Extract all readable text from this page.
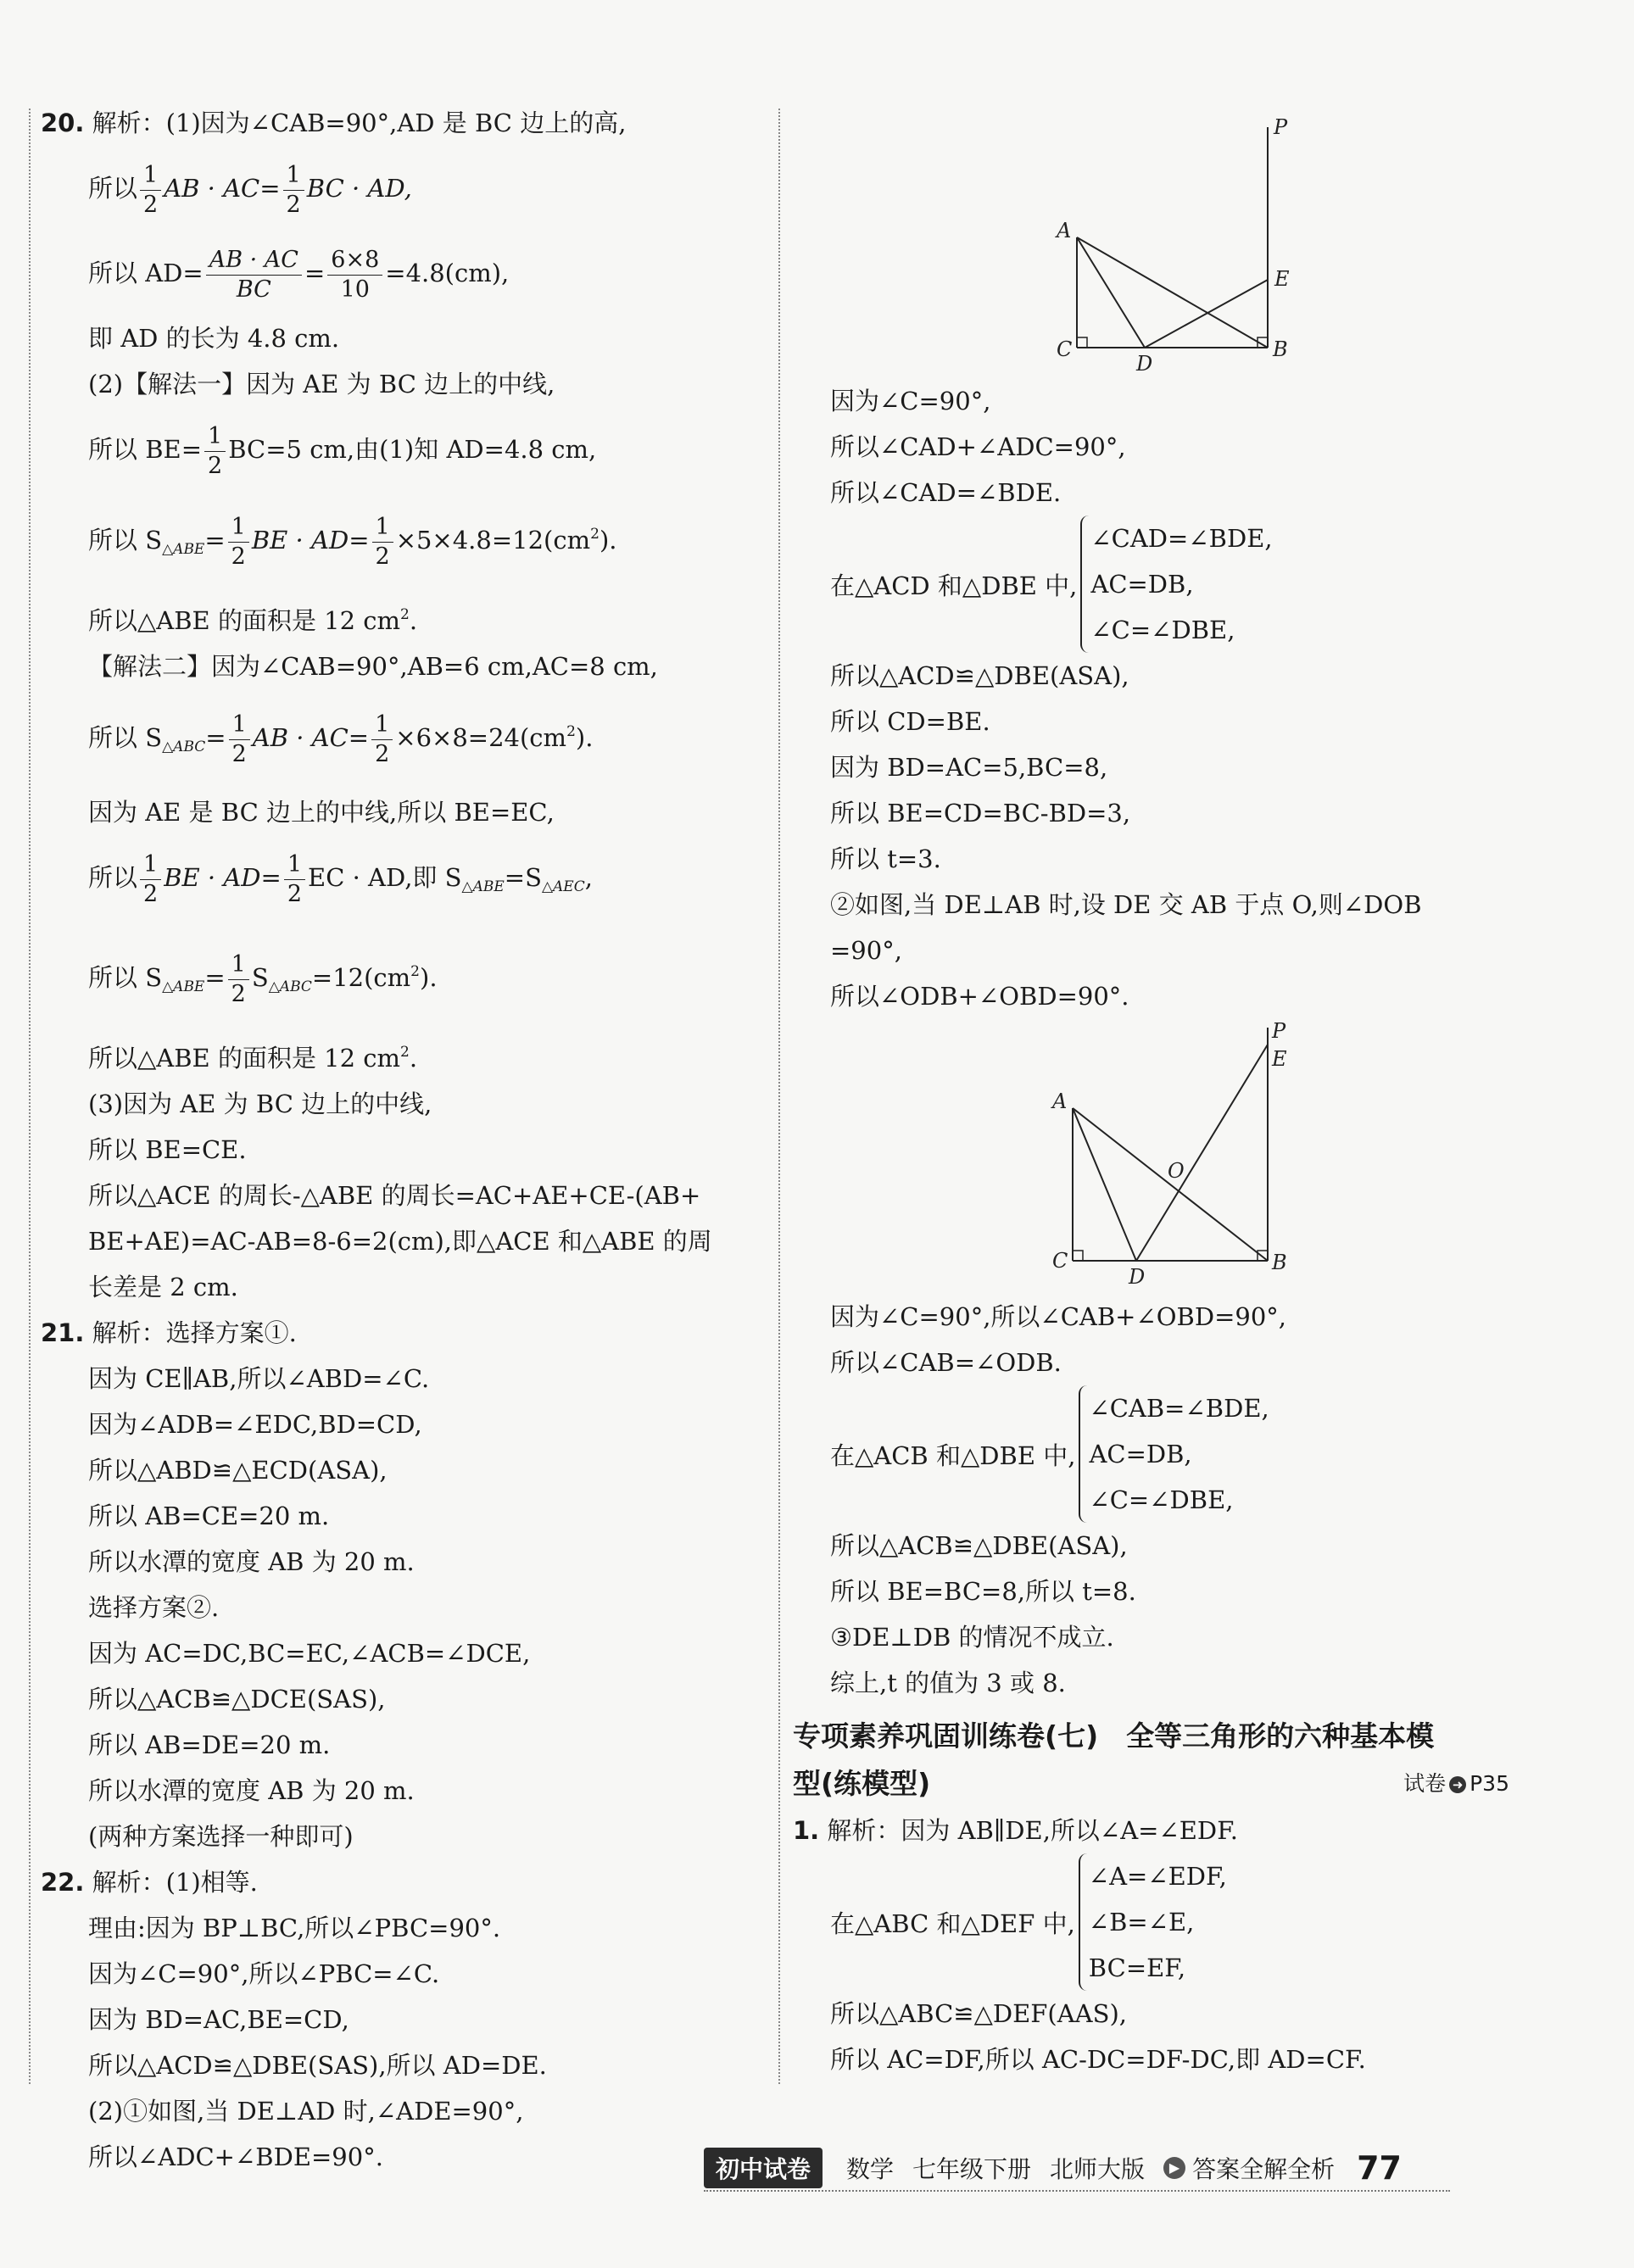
20. 解析：(1)因为∠CAB=90°,AD 是 BC 边上的高,
所以 $\frac{1}{2}$ AB · $AC= \frac{1}{2}$ BC · AD,
所以 $AD= \frac{AB \cdot AC}{BC} = \frac{6\times 8}{10} =4.8(cm)$,
即 AD 的长为 4.8 cm.
(2)【解法一】因为 AE 为 BC 边上的中线,
所以 $BE= \frac{1}{2} BC=5$ cm,由(1)知 AD=4.8 cm,
所以 $S_{\triangle ABE}= \frac{1}{2}$ BE · $AD= \frac{1}{2} \times 5\times 4.8=12(cm^2)$.
所以△ABE 的面积是 12 $cm^2$.
【解法二】因为∠CAB=90°,AB=6 cm,AC=8 cm,
所以 $S_{\triangle ABC}= \frac{1}{2}$ AB · $AC= \frac{1}{2} \times 6\times 8=24(cm^2)$.
因为 AE 是 BC 边上的中线,所以 BE=EC,
所以 $\frac{1}{2}$ BE · $AD= \frac{1}{2}$ EC · AD,即 $S_{\triangle ABE}=S_{\triangle AEC}$,
所以 $S_{\triangle ABE}= \frac{1}{2} S_{\triangle ABC}=12(cm^2)$.
所以△ABE 的面积是 12 $cm^2$.
(3)因为 AE 为 BC 边上的中线,
所以 BE=CE.
所以△ACE 的周长-△ABE 的周长=AC+AE+CE-(AB+
BE+AE)=AC-AB=8-6=2(cm),即△ACE 和△ABE 的周
长差是 2 cm.
21. 解析：选择方案①.
因为 CE∥AB,所以∠ABD=∠C.
因为∠ADB=∠EDC,BD=CD,
所以△ABD≌△ECD(ASA),
所以 AB=CE=20 m.
所以水潭的宽度 AB 为 20 m.
选择方案②.
因为 AC=DC,BC=EC,∠ACB=∠DCE,
所以△ACB≌△DCE(SAS),
所以 AB=DE=20 m.
所以水潭的宽度 AB 为 20 m.
(两种方案选择一种即可)
22. 解析：(1)相等.
理由:因为 BP⊥BC,所以∠PBC=90°.
因为∠C=90°,所以∠PBC=∠C.
因为 BD=AC,BE=CD,
所以△ACD≌△DBE(SAS),所以 AD=DE.
(2)①如图,当 DE⊥AD 时,∠ADE=90°,
所以∠ADC+∠BDE=90°.
P
A
E
C
D
B
因为∠C=90°,
所以∠CAD+∠ADC=90°,
所以∠CAD=∠BDE.
在△ACD 和△DBE 中,
∠CAD=∠BDE,
AC=DB,
∠C=∠DBE,
所以△ACD≌△DBE(ASA),
所以 CD=BE.
因为 BD=AC=5,BC=8,
所以 BE=CD=BC-BD=3,
所以 t=3.
②如图,当 DE⊥AB 时,设 DE 交 AB 于点 O,则∠DOB
=90°,
所以∠ODB+∠OBD=90°.
P
E
A
O
C
D
B
因为∠C=90°,所以∠CAB+∠OBD=90°,
所以∠CAB=∠ODB.
在△ACB 和△DBE 中,
∠CAB=∠BDE,
AC=DB,
∠C=∠DBE,
所以△ACB≌△DBE(ASA),
所以 BE=BC=8,所以 t=8.
③DE⊥DB 的情况不成立.
综上,t 的值为 3 或 8.
专项素养巩固训练卷(七)　全等三角形的六种基本模
型(练模型)	试卷 ➜ P35
1. 解析：因为 AB∥DE,所以∠A=∠EDF.
在△ABC 和△DEF 中,
∠A=∠EDF,
∠B=∠E,
BC=EF,
所以△ABC≌△DEF(AAS),
所以 AC=DF,所以 AC-DC=DF-DC,即 AD=CF.
初中试卷	数学 七年级下册 北师大版	▶ 答案全解全析 77
